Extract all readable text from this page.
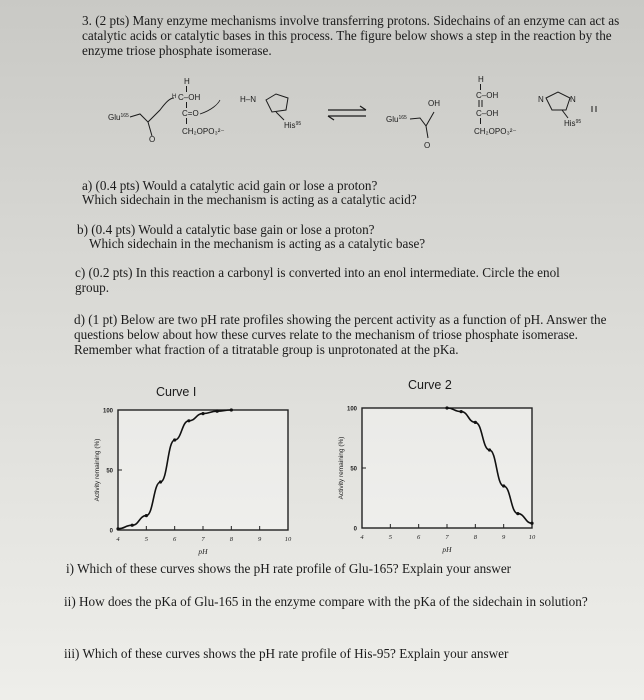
3. (2 pts) Many enzyme mechanisms involve transferring protons. Sidechains of an enzyme can act as catalytic acids or catalytic bases in this process. The figure below shows a step in the reaction by the enzyme triose phosphate isomerase.
Glu$^{165}$
O
H
C–OH
H
C=O
CH₂OPO₃²⁻
H–N
His$^{95}$	Glu$^{165}$
OH
O
H
C–OH
C–OH
CH₂OPO₃²⁻
N	N
His$^{95}$
a) (0.4 pts) Would a catalytic acid gain or lose a proton?
Which sidechain in the mechanism is acting as a catalytic acid?
b) (0.4 pts) Would a catalytic base gain or lose a proton?
Which sidechain in the mechanism is acting as a catalytic base?
c) (0.2 pts) In this reaction a carbonyl is converted into an enol intermediate. Circle the enol group.
d) (1 pt) Below are two pH rate profiles showing the percent activity as a function of pH. Answer the questions below about how these curves relate to the mechanism of triose phosphate isomerase. Remember what fraction of a titratable group is unprotonated at the pKa.
Curve I	Curve 2
4	5	6	7	8	9	10
0
50
100
pH
Activity remaining (%)
4	5	6	7	8	9	10
0
50
100
pH
Activity remaining (%)
i) Which of these curves shows the pH rate profile of Glu-165? Explain your answer
ii) How does the pKa of Glu-165 in the enzyme compare with the pKa of the sidechain in solution?
iii) Which of these curves shows the pH rate profile of His-95? Explain your answer
